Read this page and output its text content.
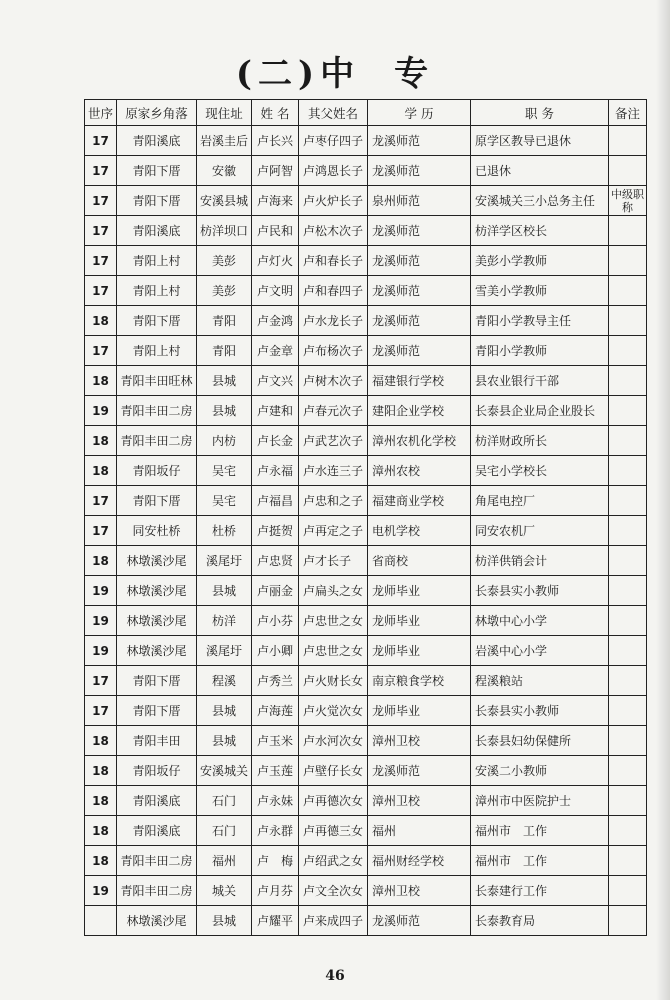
(二)中 专
世序	原家乡角落	现住址	姓 名	其父姓名	学 历	职 务	备注
17	青阳溪底	岩溪圭后	卢长兴	卢枣仔四子	龙溪师范	原学区教导已退休	
17	青阳下厝	安徽	卢阿智	卢鸿恩长子	龙溪师范	已退休	
17	青阳下厝	安溪县城	卢海来	卢火炉长子	泉州师范	安溪城关三小总务主任	中级职称
17	青阳溪底	枋洋坝口	卢民和	卢松木次子	龙溪师范	枋洋学区校长	
17	青阳上村	美彭	卢灯火	卢和春长子	龙溪师范	美彭小学教师	
17	青阳上村	美彭	卢文明	卢和春四子	龙溪师范	雪美小学教师	
18	青阳下厝	青阳	卢金鸿	卢水龙长子	龙溪师范	青阳小学教导主任	
17	青阳上村	青阳	卢金章	卢布杨次子	龙溪师范	青阳小学教师	
18	青阳丰田旺林	县城	卢文兴	卢树木次子	福建银行学校	县农业银行干部	
19	青阳丰田二房	县城	卢建和	卢春元次子	建阳企业学校	长泰县企业局企业股长	
18	青阳丰田二房	内枋	卢长金	卢武艺次子	漳州农机化学校	枋洋财政所长	
18	青阳坂仔	吴宅	卢永福	卢水连三子	漳州农校	吴宅小学校长	
17	青阳下厝	吴宅	卢福昌	卢忠和之子	福建商业学校	角尾电控厂	
17	同安杜桥	杜桥	卢挺贺	卢再定之子	电机学校	同安农机厂	
18	林墩溪沙尾	溪尾圩	卢忠贤	卢才长子	省商校	枋洋供销会计	
19	林墩溪沙尾	县城	卢丽金	卢扁头之女	龙师毕业	长泰县实小教师	
19	林墩溪沙尾	枋洋	卢小芬	卢忠世之女	龙师毕业	林墩中心小学	
19	林墩溪沙尾	溪尾圩	卢小卿	卢忠世之女	龙师毕业	岩溪中心小学	
17	青阳下厝	程溪	卢秀兰	卢火财长女	南京粮食学校	程溪粮站	
17	青阳下厝	县城	卢海莲	卢火觉次女	龙师毕业	长泰县实小教师	
18	青阳丰田	县城	卢玉米	卢水河次女	漳州卫校	长泰县妇幼保健所	
18	青阳坂仔	安溪城关	卢玉莲	卢壁仔长女	龙溪师范	安溪二小教师	
18	青阳溪底	石门	卢永妹	卢再德次女	漳州卫校	漳州市中医院护士	
18	青阳溪底	石门	卢永群	卢再德三女	福州	福州市　工作	
18	青阳丰田二房	福州	卢　梅	卢绍武之女	福州财经学校	福州市　工作	
19	青阳丰田二房	城关	卢月芬	卢文全次女	漳州卫校	长泰建行工作	
	林墩溪沙尾	县城	卢耀平	卢来成四子	龙溪师范	长泰教育局	
46
